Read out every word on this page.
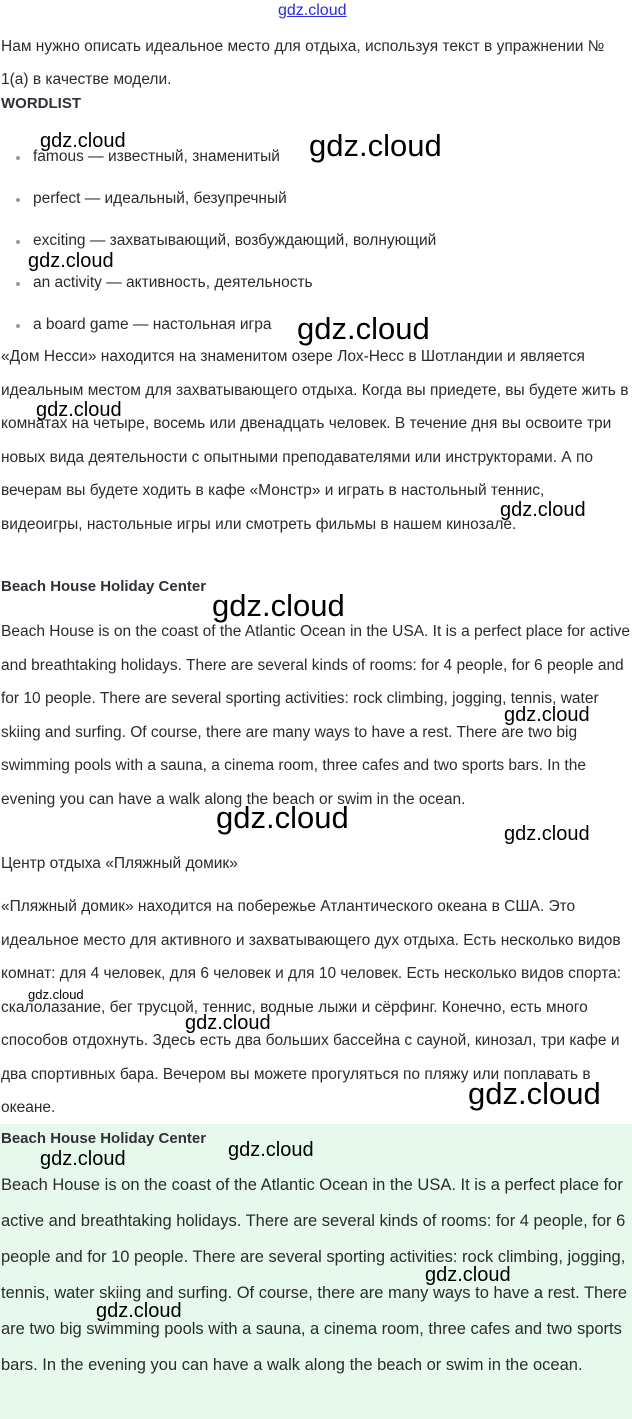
gdz.cloud

Нам нужно описать идеальное место для отдыха, используя текст в упражнении № 1(а) в качестве модели.

WORDLIST
famous — известный, знаменитый
perfect — идеальный, безупречный
exciting — захватывающий, возбуждающий, волнующий
an activity — активность, деятельность
a board game — настольная игра

«Дом Несси» находится на знаменитом озере Лох-Несс в Шотландии и является идеальным местом для захватывающего отдыха. Когда вы приедете, вы будете жить в комнатах на четыре, восемь или двенадцать человек. В течение дня вы освоите три новых вида деятельности с опытными преподавателями или инструкторами. А по вечерам вы будете ходить в кафе «Монстр» и играть в настольный теннис, видеоигры, настольные игры или смотреть фильмы в нашем кинозале.

Beach House Holiday Center

Beach House is on the coast of the Atlantic Ocean in the USA. It is a perfect place for active and breathtaking holidays. There are several kinds of rooms: for 4 people, for 6 people and for 10 people. There are several sporting activities: rock climbing, jogging, tennis, water skiing and surfing. Of course, there are many ways to have a rest. There are two big swimming pools with a sauna, a cinema room, three cafes and two sports bars. In the evening you can have a walk along the beach or swim in the ocean.

Центр отдыха «Пляжный домик»

«Пляжный домик» находится на побережье Атлантического океана в США. Это идеальное место для активного и захватывающего дух отдыха. Есть несколько видов комнат: для 4 человек, для 6 человек и для 10 человек. Есть несколько видов спорта: скалолазание, бег трусцой, теннис, водные лыжи и сёрфинг. Конечно, есть много способов отдохнуть. Здесь есть два больших бассейна с сауной, кинозал, три кафе и два спортивных бара. Вечером вы можете прогуляться по пляжу или поплавать в океане.

Beach House Holiday Center

Beach House is on the coast of the Atlantic Ocean in the USA. It is a perfect place for active and breathtaking holidays. There are several kinds of rooms: for 4 people, for 6 people and for 10 people. There are several sporting activities: rock climbing, jogging, tennis, water skiing and surfing. Of course, there are many ways to have a rest. There are two big swimming pools with a sauna, a cinema room, three cafes and two sports bars. In the evening you can have a walk along the beach or swim in the ocean.

gdz.cloud	gdz.cloud
gdz.cloud
gdz.cloud
gdz.cloud
gdz.cloud
gdz.cloud
gdz.cloud
gdz.cloud	gdz.cloud
gdz.cloud
gdz.cloud
gdz.cloud
gdz.cloud
gdz.cloud
gdz.cloud
gdz.cloud
